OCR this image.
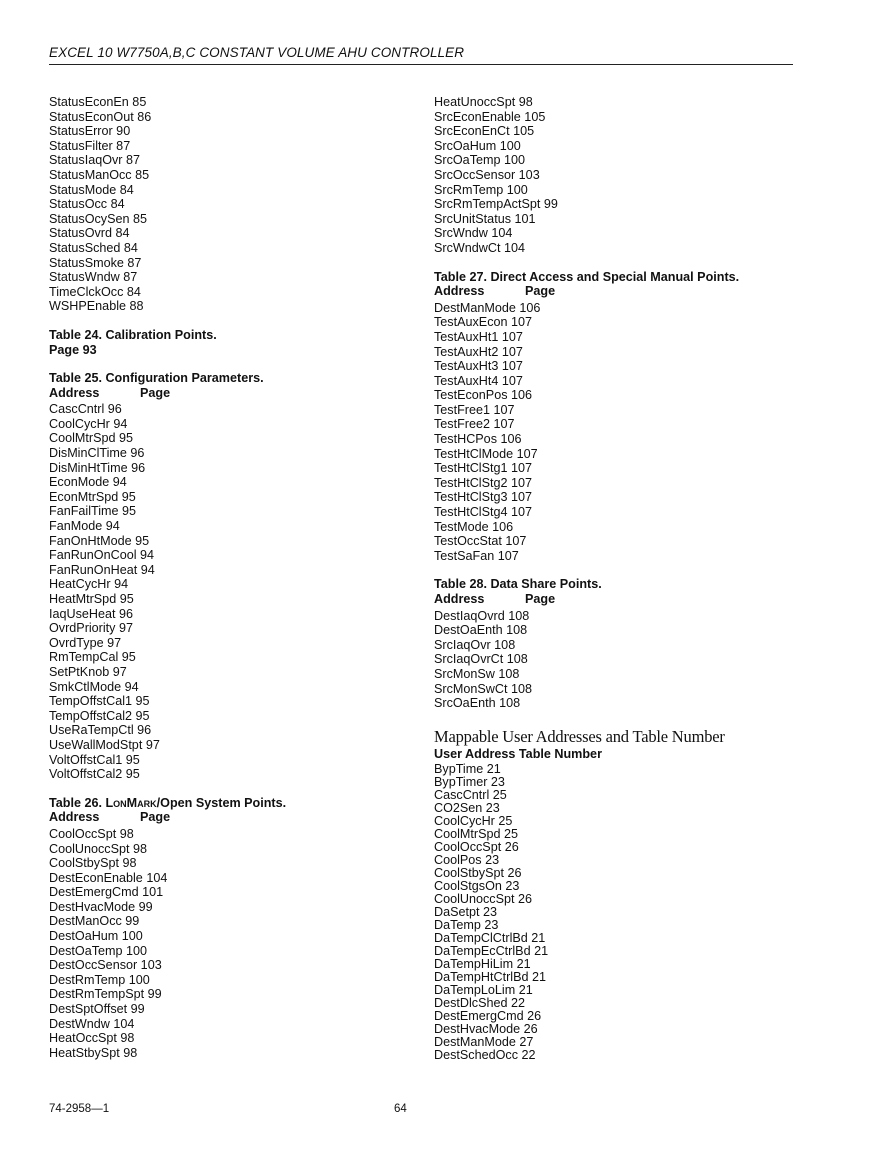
EXCEL 10 W7750A,B,C CONSTANT VOLUME AHU CONTROLLER
StatusEconEn 85
StatusEconOut 86
StatusError 90
StatusFilter 87
StatusIaqOvr 87
StatusManOcc 85
StatusMode 84
StatusOcc 84
StatusOcySen 85
StatusOvrd 84
StatusSched 84
StatusSmoke 87
StatusWndw 87
TimeClckOcc 84
WSHPEnable 88
Table 24. Calibration Points.
Page 93
Table 25. Configuration Parameters.
Address	Page
CascCntrl 96
CoolCycHr 94
CoolMtrSpd 95
DisMinClTime 96
DisMinHtTime 96
EconMode 94
EconMtrSpd 95
FanFailTime 95
FanMode 94
FanOnHtMode 95
FanRunOnCool 94
FanRunOnHeat 94
HeatCycHr 94
HeatMtrSpd 95
IaqUseHeat 96
OvrdPriority 97
OvrdType 97
RmTempCal 95
SetPtKnob 97
SmkCtlMode 94
TempOffstCal1 95
TempOffstCal2 95
UseRaTempCtl 96
UseWallModStpt 97
VoltOffstCal1 95
VoltOffstCal2 95
Table 26. LonMark/Open System Points.
Address	Page
CoolOccSpt 98
CoolUnoccSpt 98
CoolStbySpt 98
DestEconEnable 104
DestEmergCmd 101
DestHvacMode 99
DestManOcc 99
DestOaHum 100
DestOaTemp 100
DestOccSensor 103
DestRmTemp 100
DestRmTempSpt 99
DestSptOffset 99
DestWndw 104
HeatOccSpt 98
HeatStbySpt 98
HeatUnoccSpt 98
SrcEconEnable 105
SrcEconEnCt 105
SrcOaHum 100
SrcOaTemp 100
SrcOccSensor 103
SrcRmTemp 100
SrcRmTempActSpt 99
SrcUnitStatus 101
SrcWndw 104
SrcWndwCt 104
Table 27. Direct Access and Special Manual Points.
Address	Page
DestManMode 106
TestAuxEcon 107
TestAuxHt1 107
TestAuxHt2 107
TestAuxHt3 107
TestAuxHt4 107
TestEconPos 106
TestFree1 107
TestFree2 107
TestHCPos 106
TestHtClMode 107
TestHtClStg1 107
TestHtClStg2 107
TestHtClStg3 107
TestHtClStg4 107
TestMode 106
TestOccStat 107
TestSaFan 107
Table 28. Data Share Points.
Address	Page
DestIaqOvrd 108
DestOaEnth 108
SrcIaqOvr 108
SrcIaqOvrCt 108
SrcMonSw 108
SrcMonSwCt 108
SrcOaEnth 108
Mappable User Addresses and Table Number
User Address Table Number
BypTime 21
BypTimer 23
CascCntrl 25
CO2Sen 23
CoolCycHr 25
CoolMtrSpd 25
CoolOccSpt 26
CoolPos 23
CoolStbySpt 26
CoolStgsOn 23
CoolUnoccSpt 26
DaSetpt 23
DaTemp 23
DaTempClCtrlBd 21
DaTempEcCtrlBd 21
DaTempHiLim 21
DaTempHtCtrlBd 21
DaTempLoLim 21
DestDlcShed 22
DestEmergCmd 26
DestHvacMode 26
DestManMode 27
DestSchedOcc 22
74-2958—1	64
